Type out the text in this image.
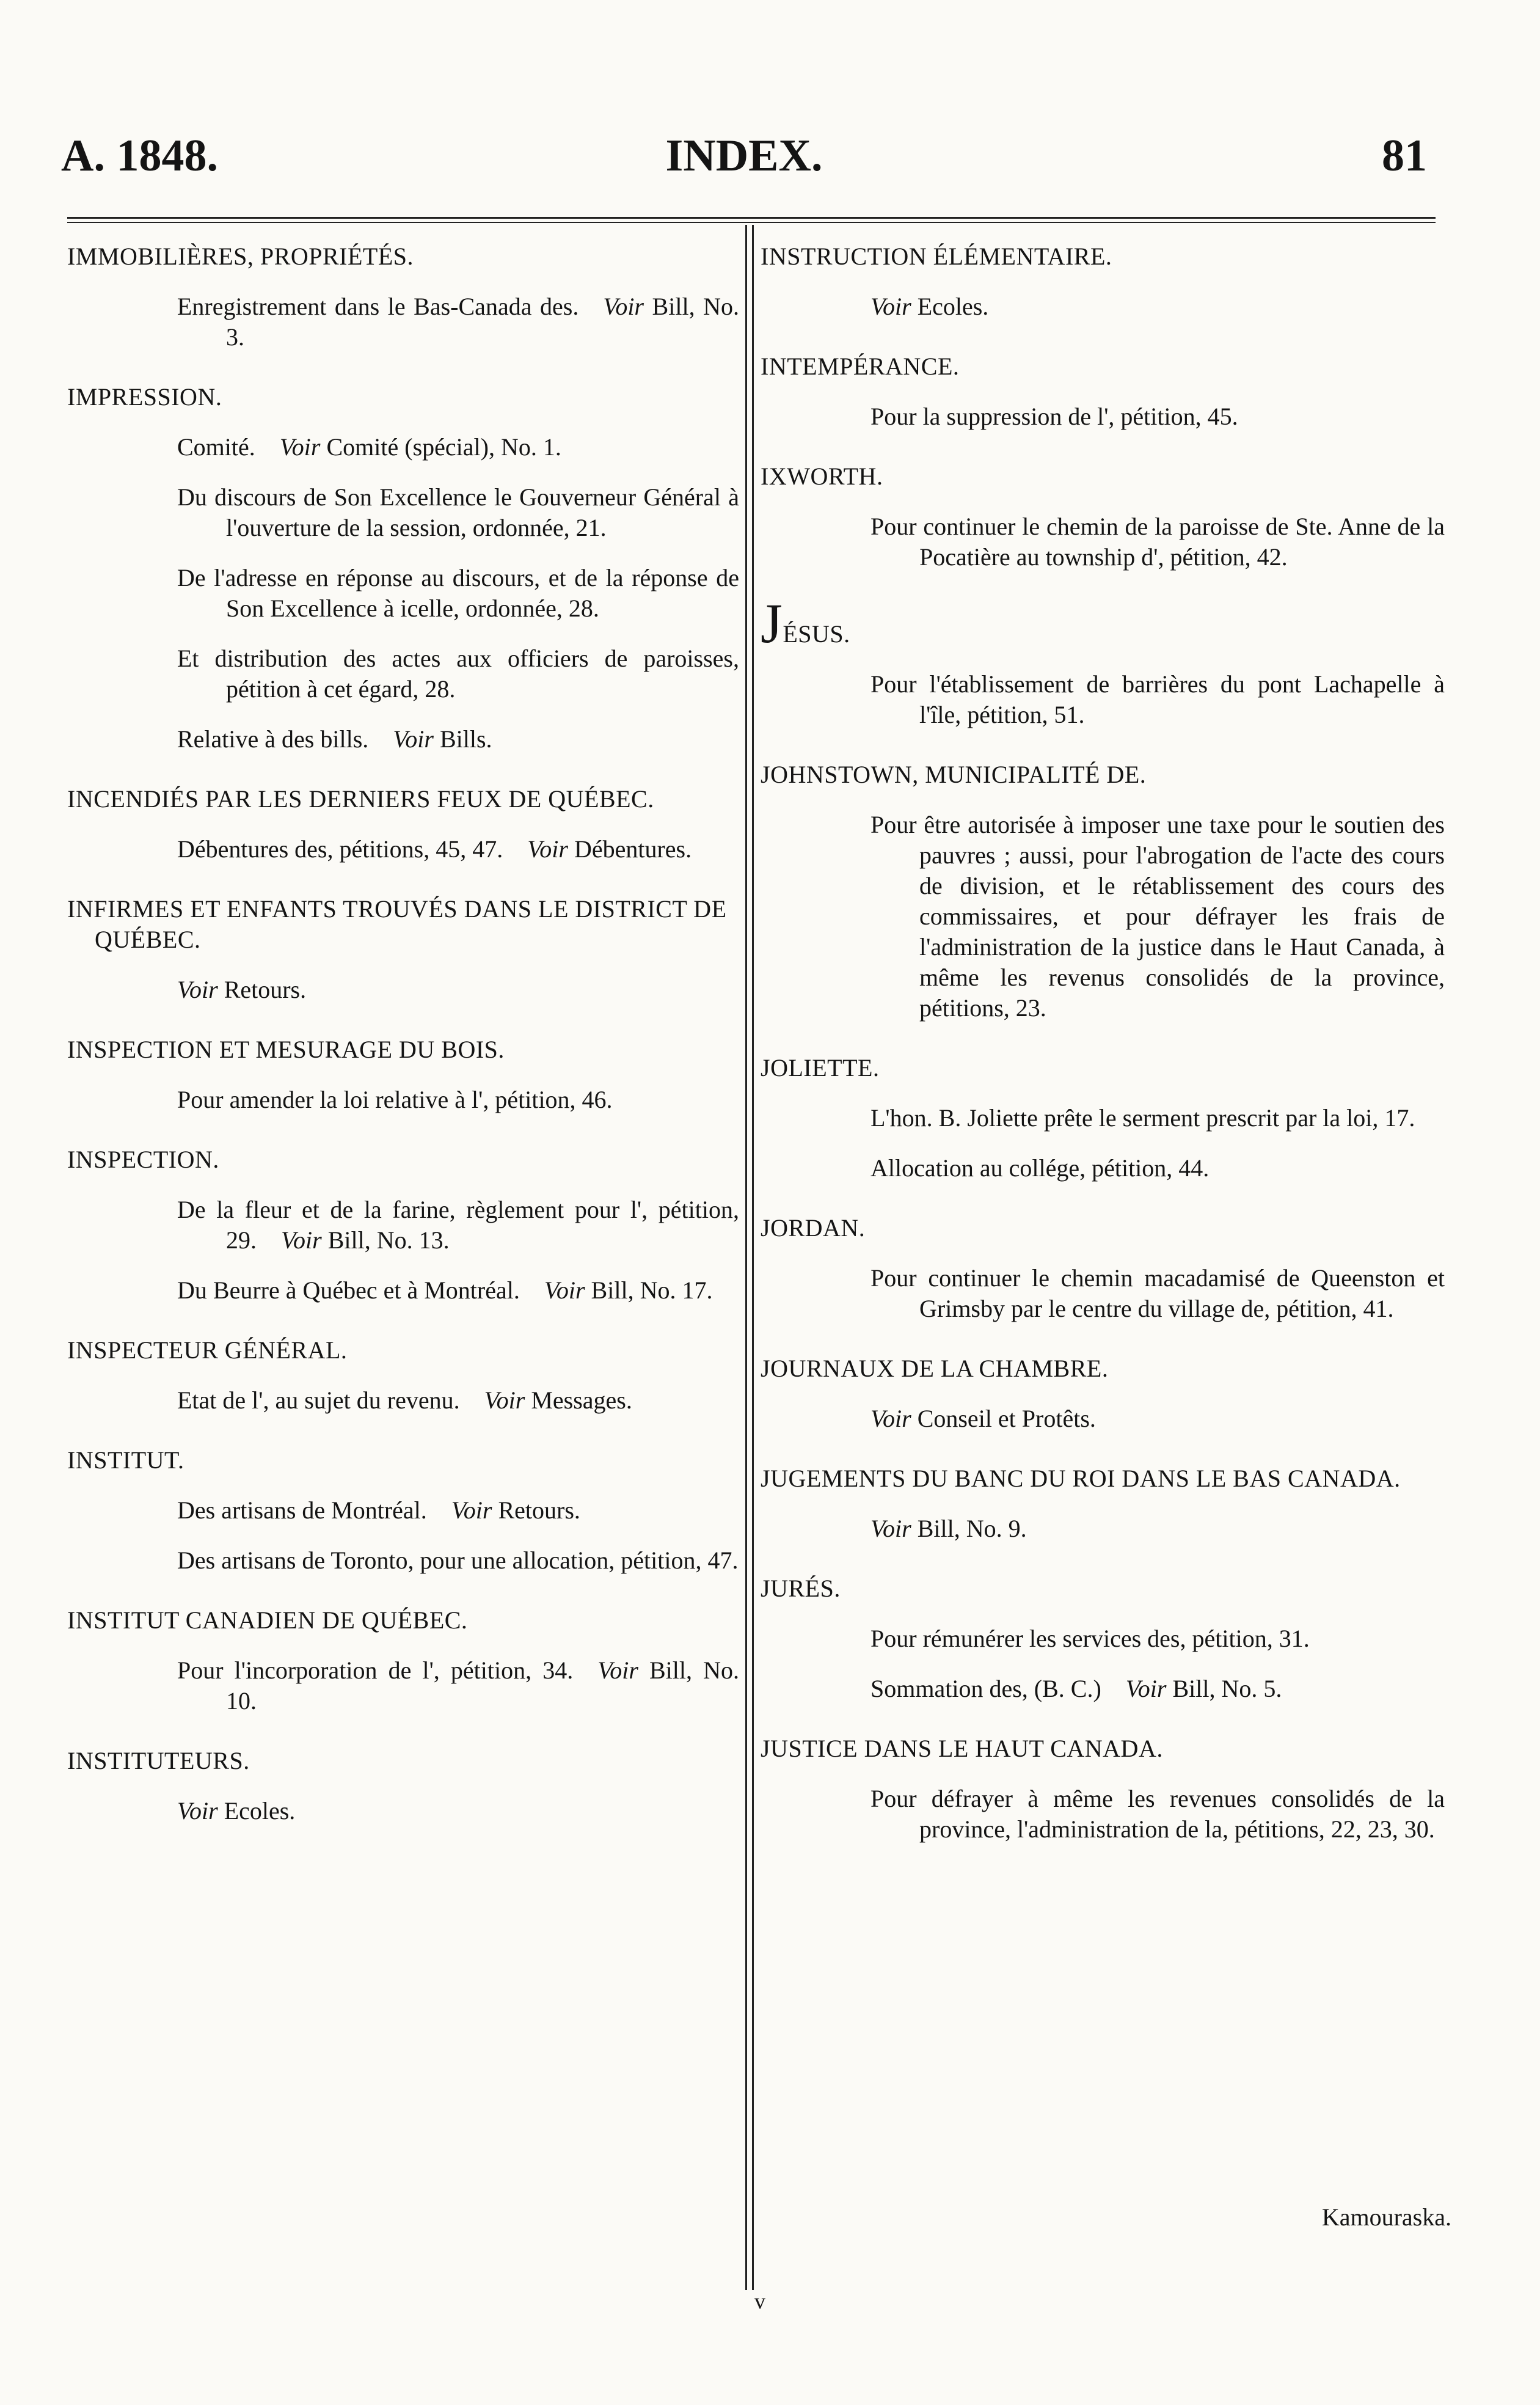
A. 1848.	INDEX.	81
IMMOBILIÈRES, PROPRIÉTÉS.
Enregistrement dans le Bas-Canada des.  Voir Bill, No. 3.
IMPRESSION.
Comité.  Voir Comité (spécial), No. 1.
Du discours de Son Excellence le Gouverneur Général à l'ouverture de la session, ordonnée, 21.
De l'adresse en réponse au discours, et de la réponse de Son Excellence à icelle, ordonnée, 28.
Et distribution des actes aux officiers de paroisses, pétition à cet égard, 28.
Relative à des bills.  Voir Bills.
INCENDIÉS PAR LES DERNIERS FEUX DE QUÉBEC.
Débentures des, pétitions, 45, 47.  Voir Débentures.
INFIRMES ET ENFANTS TROUVÉS DANS LE DISTRICT DE QUÉBEC.
Voir Retours.
INSPECTION ET MESURAGE DU BOIS.
Pour amender la loi relative à l', pétition, 46.
INSPECTION.
De la fleur et de la farine, règlement pour l', pétition, 29.  Voir Bill, No. 13.
Du Beurre à Québec et à Montréal.  Voir Bill, No. 17.
INSPECTEUR GÉNÉRAL.
Etat de l', au sujet du revenu.  Voir Messages.
INSTITUT.
Des artisans de Montréal.  Voir Retours.
Des artisans de Toronto, pour une allocation, pétition, 47.
INSTITUT CANADIEN DE QUÉBEC.
Pour l'incorporation de l', pétition, 34.  Voir Bill, No. 10.
INSTITUTEURS.
Voir Ecoles.
INSTRUCTION ÉLÉMENTAIRE.
Voir Ecoles.
INTEMPÉRANCE.
Pour la suppression de l', pétition, 45.
IXWORTH.
Pour continuer le chemin de la paroisse de Ste. Anne de la Pocatière au township d', pétition, 42.
JÉSUS.
Pour l'établissement de barrières du pont Lachapelle à l'île, pétition, 51.
JOHNSTOWN, MUNICIPALITÉ DE.
Pour être autorisée à imposer une taxe pour le soutien des pauvres ; aussi, pour l'abrogation de l'acte des cours de division, et le rétablissement des cours des commissaires, et pour défrayer les frais de l'administration de la justice dans le Haut Canada, à même les revenus consolidés de la province, pétitions, 23.
JOLIETTE.
L'hon. B. Joliette prête le serment prescrit par la loi, 17.
Allocation au collége, pétition, 44.
JORDAN.
Pour continuer le chemin macadamisé de Queenston et Grimsby par le centre du village de, pétition, 41.
JOURNAUX DE LA CHAMBRE.
Voir Conseil et Protêts.
JUGEMENTS DU BANC DU ROI DANS LE BAS CANADA.
Voir Bill, No. 9.
JURÉS.
Pour rémunérer les services des, pétition, 31.
Sommation des, (B. C.)  Voir Bill, No. 5.
JUSTICE DANS LE HAUT CANADA.
Pour défrayer à même les revenues consolidés de la province, l'administration de la, pétitions, 22, 23, 30.
Kamouraska.
v
